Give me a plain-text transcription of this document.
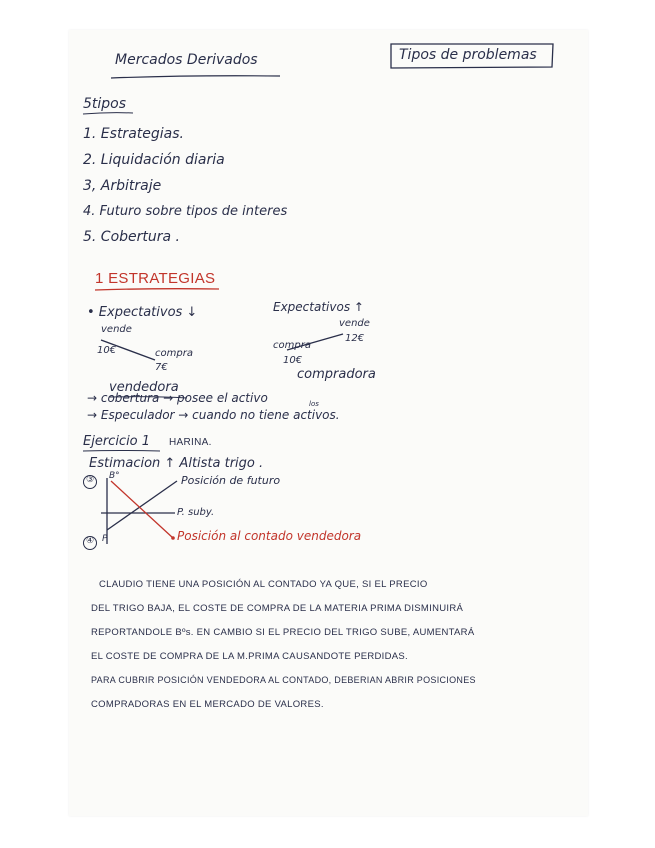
Mercados Derivados	Tipos de problemas
5tipos
1. Estrategias.
2. Liquidación diaria
3, Arbitraje
4. Futuro sobre tipos de interes
5. Cobertura .
1 ESTRATEGIAS
• Expectativos ↓
vende
10€	compra
7€
vendedora
Expectativos ↑
vende
12€
compra
10€
compradora
→ cobertura → posee el activo	los
→ Especulador → cuando no tiene activos.
Ejercicio 1 HARINA.
Estimacion ↑ Altista trigo .
③ B°	Posición de futuro
P. suby.
Posición al contado vendedora
④ P
CLAUDIO TIENE UNA POSICIÓN AL CONTADO YA QUE, SI EL PRECIO
DEL TRIGO BAJA, EL COSTE DE COMPRA DE LA MATERIA PRIMA DISMINUIRÁ
REPORTANDOLE Bºs. EN CAMBIO SI EL PRECIO DEL TRIGO SUBE, AUMENTARÁ
EL COSTE DE COMPRA DE LA M.PRIMA CAUSANDOTE PERDIDAS.
PARA CUBRIR POSICIÓN VENDEDORA AL CONTADO, DEBERIAN ABRIR POSICIONES
COMPRADORAS EN EL MERCADO DE VALORES.
